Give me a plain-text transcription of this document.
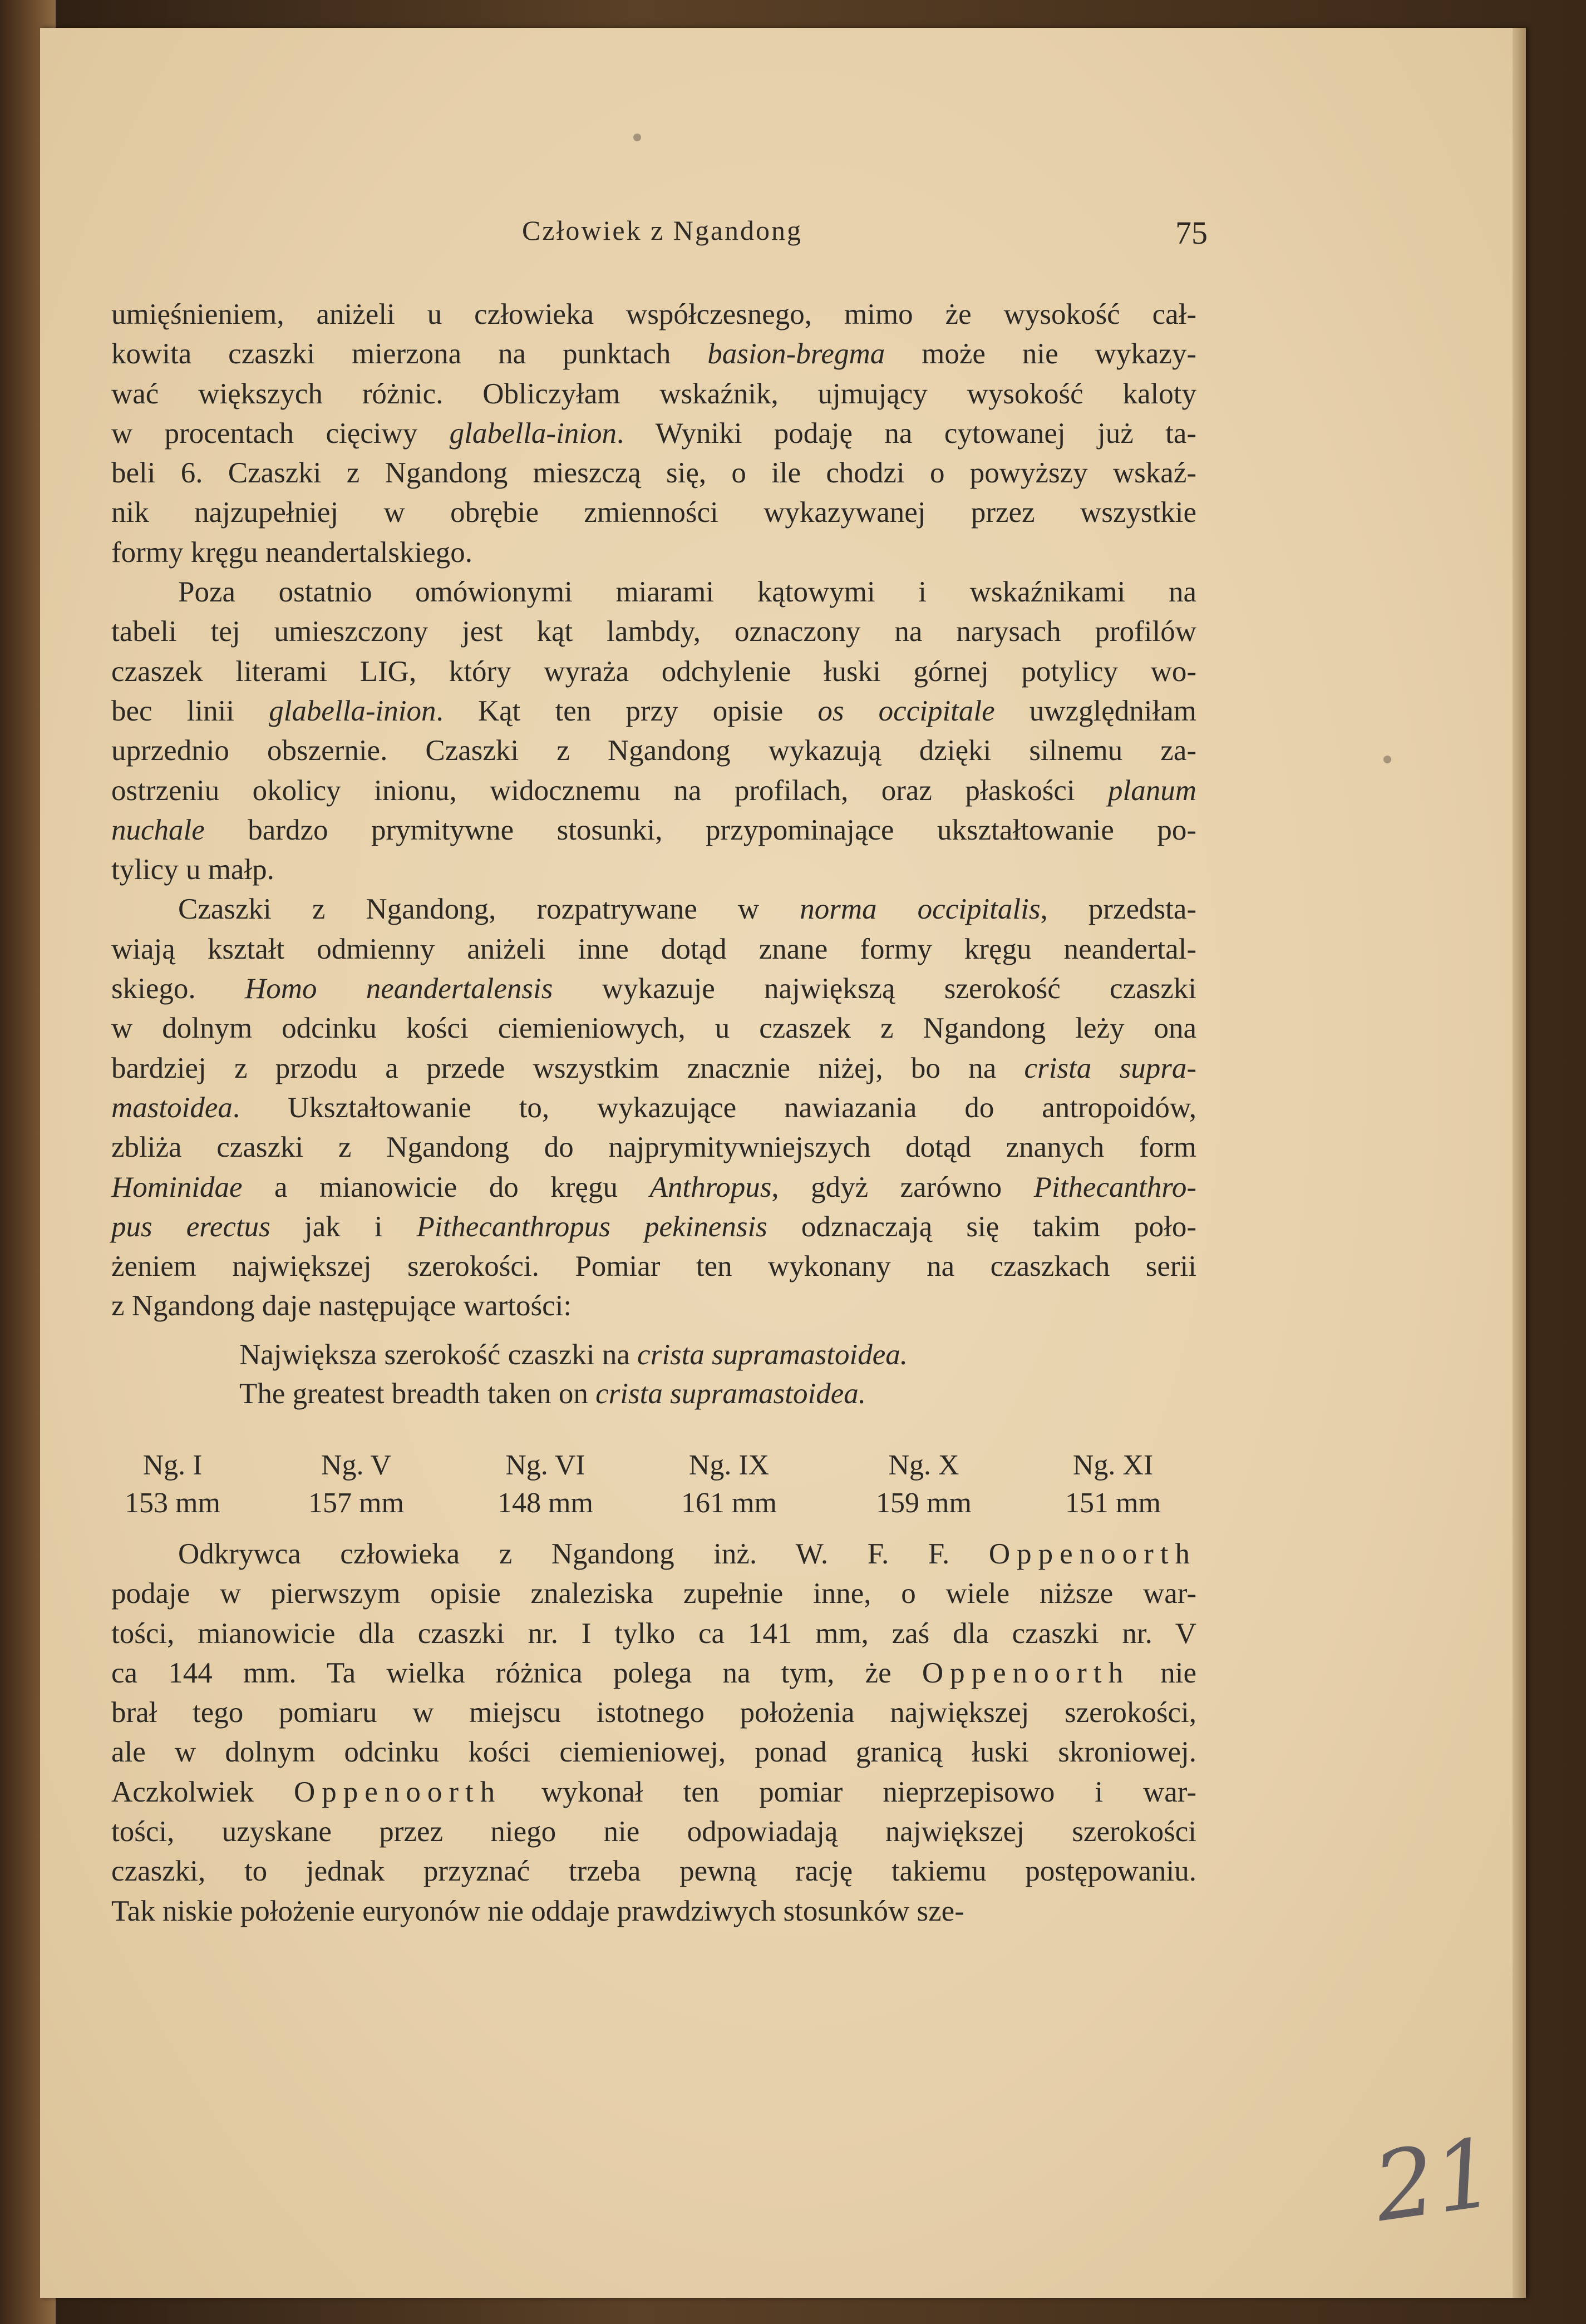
Człowiek z Ngandong	75
umięśnieniem, aniżeli u człowieka współczesnego, mimo że wysokość cał-
kowita czaszki mierzona na punktach basion-bregma może nie wykazy-
wać większych różnic. Obliczyłam wskaźnik, ujmujący wysokość kaloty
w procentach cięciwy glabella-inion. Wyniki podaję na cytowanej już ta-
beli 6. Czaszki z Ngandong mieszczą się, o ile chodzi o powyższy wskaź-
nik najzupełniej w obrębie zmienności wykazywanej przez wszystkie
formy kręgu neandertalskiego.
Poza ostatnio omówionymi miarami kątowymi i wskaźnikami na
tabeli tej umieszczony jest kąt lambdy, oznaczony na narysach profilów
czaszek literami LIG, który wyraża odchylenie łuski górnej potylicy wo-
bec linii glabella-inion. Kąt ten przy opisie os occipitale uwzględniłam
uprzednio obszernie. Czaszki z Ngandong wykazują dzięki silnemu za-
ostrzeniu okolicy inionu, widocznemu na profilach, oraz płaskości planum
nuchale bardzo prymitywne stosunki, przypominające ukształtowanie po-
tylicy u małp.
Czaszki z Ngandong, rozpatrywane w norma occipitalis, przedsta-
wiają kształt odmienny aniżeli inne dotąd znane formy kręgu neandertal-
skiego. Homo neandertalensis wykazuje największą szerokość czaszki
w dolnym odcinku kości ciemieniowych, u czaszek z Ngandong leży ona
bardziej z przodu a przede wszystkim znacznie niżej, bo na crista supra-
mastoidea. Ukształtowanie to, wykazujące nawiazania do antropoidów,
zbliża czaszki z Ngandong do najprymitywniejszych dotąd znanych form
Hominidae a mianowicie do kręgu Anthropus, gdyż zarówno Pithecanthro-
pus erectus jak i Pithecanthropus pekinensis odznaczają się takim poło-
żeniem największej szerokości. Pomiar ten wykonany na czaszkach serii
z Ngandong daje następujące wartości:
Największa szerokość czaszki na crista supramastoidea.
The greatest breadth taken on crista supramastoidea.
Ng. I
153 mm
Ng. V
157 mm
Ng. VI
148 mm
Ng. IX
161 mm
Ng. X
159 mm
Ng. XI
151 mm
Odkrywca człowieka z Ngandong inż. W. F. F. Oppenoorth
podaje w pierwszym opisie znaleziska zupełnie inne, o wiele niższe war-
tości, mianowicie dla czaszki nr. I tylko ca 141 mm, zaś dla czaszki nr. V
ca 144 mm. Ta wielka różnica polega na tym, że Oppenoorth nie
brał tego pomiaru w miejscu istotnego położenia największej szerokości,
ale w dolnym odcinku kości ciemieniowej, ponad granicą łuski skroniowej.
Aczkolwiek Oppenoorth wykonał ten pomiar nieprzepisowo i war-
tości, uzyskane przez niego nie odpowiadają największej szerokości
czaszki, to jednak przyznać trzeba pewną rację takiemu postępowaniu.
Tak niskie położenie euryonów nie oddaje prawdziwych stosunków sze-
21
